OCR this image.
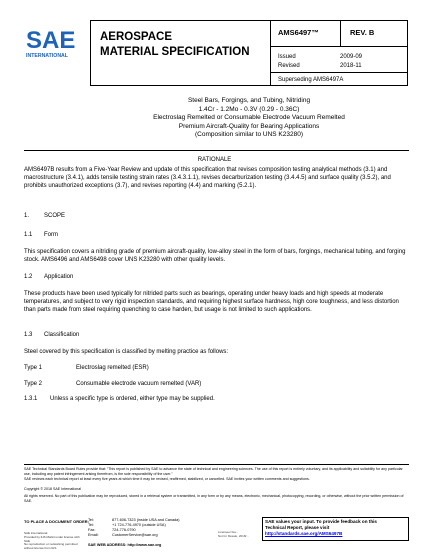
SAE
INTERNATIONAL
AEROSPACE
MATERIAL SPECIFICATION
AMS6497™	REV. B
Issued	2009-09
Revised	2018-11
Superseding AMS6497A
Steel Bars, Forgings, and Tubing, Nitriding
1.4Cr - 1.2Mo - 0.3V (0.29 - 0.36C)
Electroslag Remelted or Consumable Electrode Vacuum Remelted
Premium Aircraft-Quality for Bearing Applications
(Composition similar to UNS K23280)
RATIONALE
AMS6497B results from a Five-Year Review and update of this specification that revises composition testing analytical methods (3.1) and macrostructure (3.4.1), adds tensile testing strain rates (3.4.3.1.1), revises decarburization testing (3.4.4.5) and surface quality (3.5.2), and prohibits unauthorized exceptions (3.7), and revises reporting (4.4) and marking (5.2.1).
1. SCOPE
1.1 Form
This specification covers a nitriding grade of premium aircraft-quality, low-alloy steel in the form of bars, forgings, mechanical tubing, and forging stock. AMS6496 and AMS6498 cover UNS K23280 with other quality levels.
1.2 Application
These products have been used typically for nitrided parts such as bearings, operating under heavy loads and high speeds at moderate temperatures, and subject to very rigid inspection standards, and requiring highest surface hardness, high core toughness, and less distortion than parts made from steel requiring quenching to case harden, but usage is not limited to such applications.
1.3 Classification
Steel covered by this specification is classified by melting practice as follows:
Type 1	Electroslag remelted (ESR)
Type 2	Consumable electrode vacuum remelted (VAR)
1.3.1 Unless a specific type is ordered, either type may be supplied.
SAE Technical Standards Board Rules provide that: “This report is published by SAE to advance the state of technical and engineering sciences. The use of this report is entirely voluntary, and its applicability and suitability for any particular use, including any patent infringement arising therefrom, is the sole responsibility of the user.”
SAE reviews each technical report at least every five years at which time it may be revised, reaffirmed, stabilized, or cancelled. SAE invites your written comments and suggestions.
Copyright © 2018 SAE International
All rights reserved. No part of this publication may be reproduced, stored in a retrieval system or transmitted, in any form or by any means, electronic, mechanical, photocopying, recording, or otherwise, without the prior written permission of SAE.
TO PLACE A DOCUMENT ORDER: Tel:	877-606-7323 (inside USA and Canada)
Tel:	+1 724-776-4970 (outside USA)
Fax:	724-776-0790
Email:	CustomerService@sae.org
SAE WEB ADDRESS: http://www.sae.org
SAE International
Provided by IHS Markit under license with SAE
No reproduction or networking permitted without license from IHS
Licensee=Ga...
Not for Resale, 2018/...
SAE values your input. To provide feedback on this
Technical Report, please visit
http://standards.sae.org/AMS6497B
